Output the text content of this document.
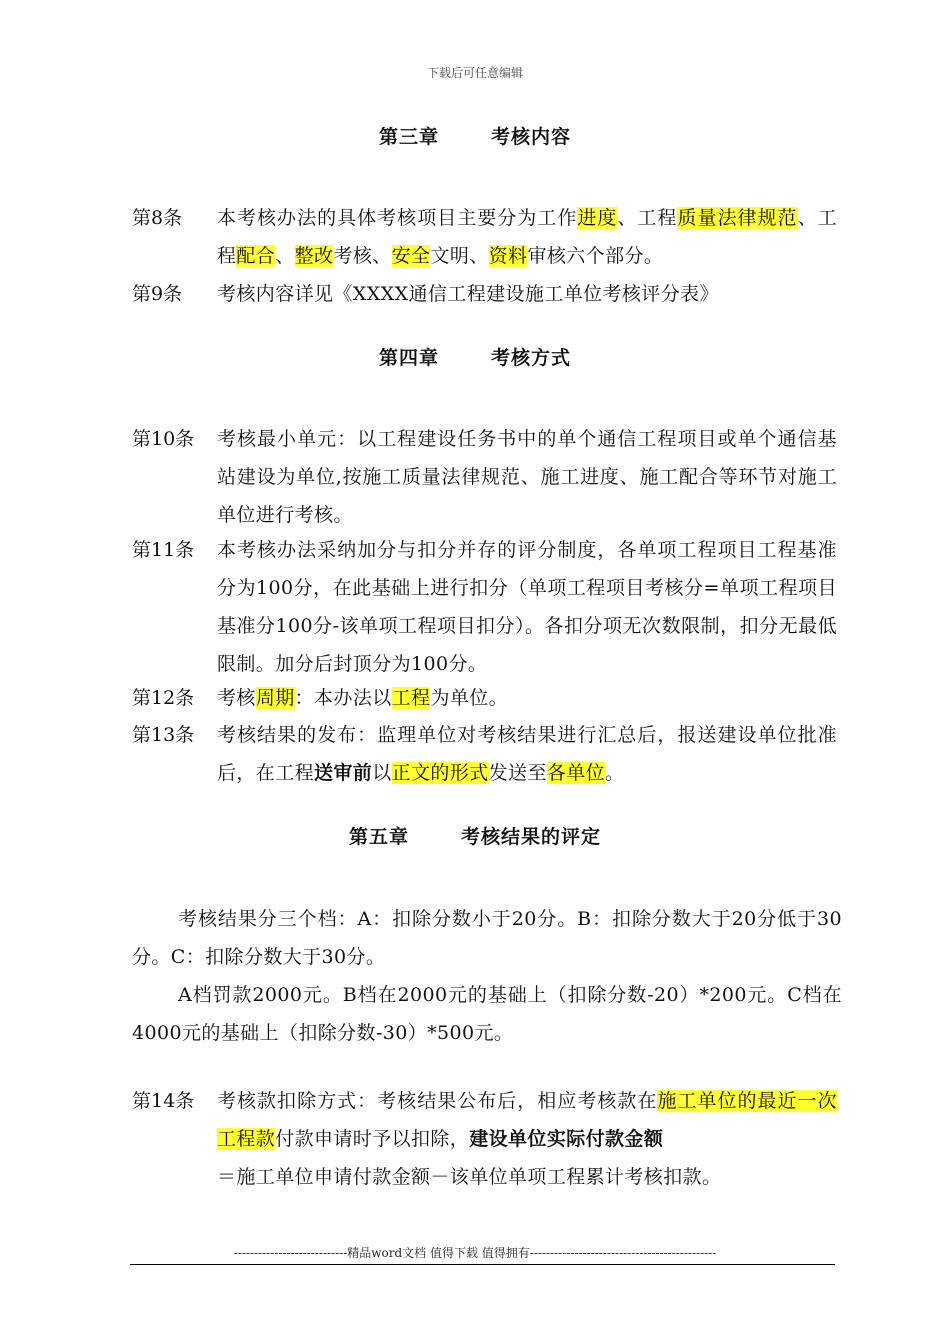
下载后可任意编辑
第三章	考核内容
第8条	本考核办法的具体考核项目主要分为工作进度、工程质量法律规范、工程配合、整改考核、安全文明、资料审核六个部分。
第9条	考核内容详见《XXXX通信工程建设施工单位考核评分表》
第四章	考核方式
第10条	考核最小单元：以工程建设任务书中的单个通信工程项目或单个通信基站建设为单位,按施工质量法律规范、施工进度、施工配合等环节对施工单位进行考核。
第11条	本考核办法采纳加分与扣分并存的评分制度，各单项工程项目工程基准分为100分，在此基础上进行扣分（单项工程项目考核分=单项工程项目基准分100分-该单项工程项目扣分）。各扣分项无次数限制，扣分无最低限制。加分后封顶分为100分。
第12条	考核周期：本办法以工程为单位。
第13条	考核结果的发布：监理单位对考核结果进行汇总后，报送建设单位批准后，在工程送审前以正文的形式发送至各单位。
第五章	考核结果的评定
考核结果分三个档：A：扣除分数小于20分。B：扣除分数大于20分低于30分。C：扣除分数大于30分。
A档罚款2000元。B档在2000元的基础上（扣除分数-20）*200元。C档在4000元的基础上（扣除分数-30）*500元。
第14条	考核款扣除方式：考核结果公布后，相应考核款在施工单位的最近一次工程款付款申请时予以扣除，建设单位实际付款金额
＝施工单位申请付款金额－该单位单项工程累计考核扣款。
----------------------------精品word文档 值得下载 值得拥有----------------------------------------------
